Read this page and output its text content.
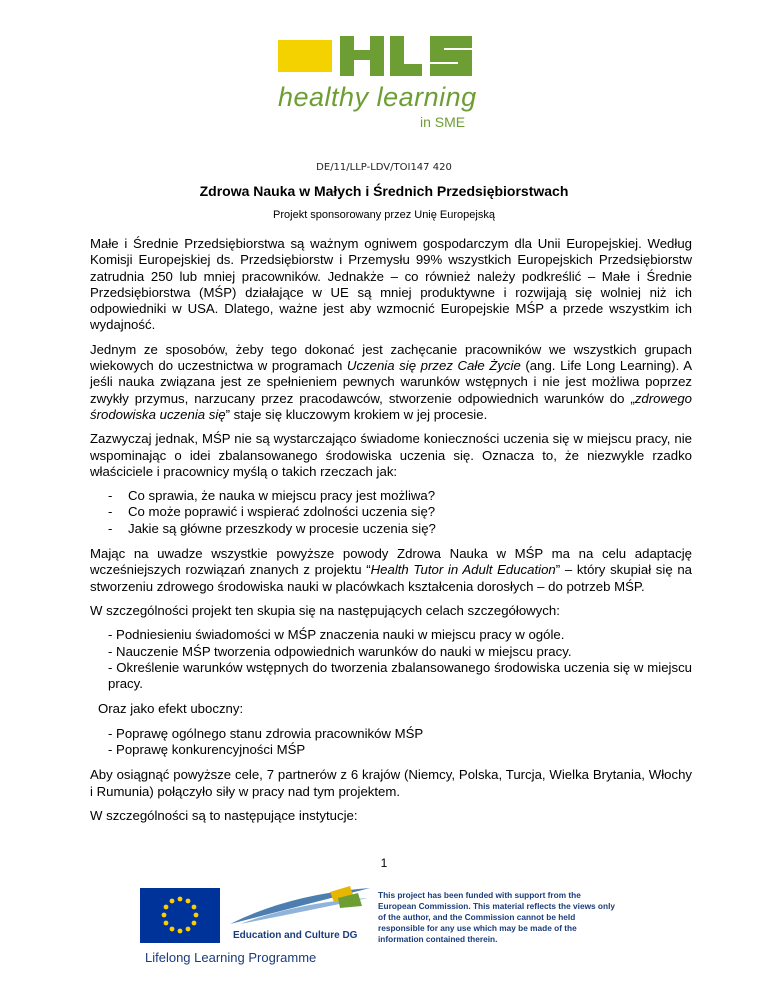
healthy learning
in SME
DE/11/LLP-LDV/TOI147 420
Zdrowa Nauka w Małych i Średnich Przedsiębiorstwach
Projekt sponsorowany przez Unię Europejską

Małe i Średnie Przedsiębiorstwa są ważnym ogniwem gospodarczym dla Unii Europejskiej. Według Komisji Europejskiej ds. Przedsiębiorstw i Przemysłu 99% wszystkich Europejskich Przedsiębiorstw zatrudnia 250 lub mniej pracowników. Jednakże – co również należy podkreślić – Małe i Średnie Przedsiębiorstwa (MŚP) działające w UE są mniej produktywne i rozwijają się wolniej niż ich odpowiedniki w USA. Dlatego, ważne jest aby wzmocnić Europejskie MŚP a przede wszystkim ich wydajność.

Jednym ze sposobów, żeby tego dokonać jest zachęcanie pracowników we wszystkich grupach wiekowych do uczestnictwa w programach Uczenia się przez Całe Życie (ang. Life Long Learning). A jeśli nauka związana jest ze spełnieniem pewnych warunków wstępnych i nie jest możliwa poprzez zwykły przymus, narzucany przez pracodawców, stworzenie odpowiednich warunków do „zdrowego środowiska uczenia się” staje się kluczowym krokiem w jej procesie.

Zazwyczaj jednak, MŚP nie są wystarczająco świadome konieczności uczenia się w miejscu pracy, nie wspominając o idei zbalansowanego środowiska uczenia się. Oznacza to, że niezwykle rzadko właściciele i pracownicy myślą o takich rzeczach jak:

- Co sprawia, że nauka w miejscu pracy jest możliwa?
- Co może poprawić i wspierać zdolności uczenia się?
- Jakie są główne przeszkody w procesie uczenia się?

Mając na uwadze wszystkie powyższe powody Zdrowa Nauka w MŚP ma na celu adaptację wcześniejszych rozwiązań znanych z projektu “Health Tutor in Adult Education” – który skupiał się na stworzeniu zdrowego środowiska nauki w placówkach kształcenia dorosłych – do potrzeb MŚP.

W szczególności projekt ten skupia się na następujących celach szczegółowych:

- Podniesieniu świadomości w MŚP znaczenia nauki w miejscu pracy w ogóle.
- Nauczenie MŚP tworzenia odpowiednich warunków do nauki w miejscu pracy.
- Określenie warunków wstępnych do tworzenia zbalansowanego środowiska uczenia się w miejscu pracy.

Oraz jako efekt uboczny:

- Poprawę ogólnego stanu zdrowia pracowników MŚP
- Poprawę konkurencyjności MŚP

Aby osiągnąć powyższe cele, 7 partnerów z 6 krajów (Niemcy, Polska, Turcja, Wielka Brytania, Włochy i Rumunia) połączyło siły w pracy nad tym projektem.

W szczególności są to następujące instytucje:

1
Education and Culture DG
Lifelong Learning Programme
This project has been funded with support from the European Commission. This material reflects the views only of the author, and the Commission cannot be held responsible for any use which may be made of the information contained therein.
